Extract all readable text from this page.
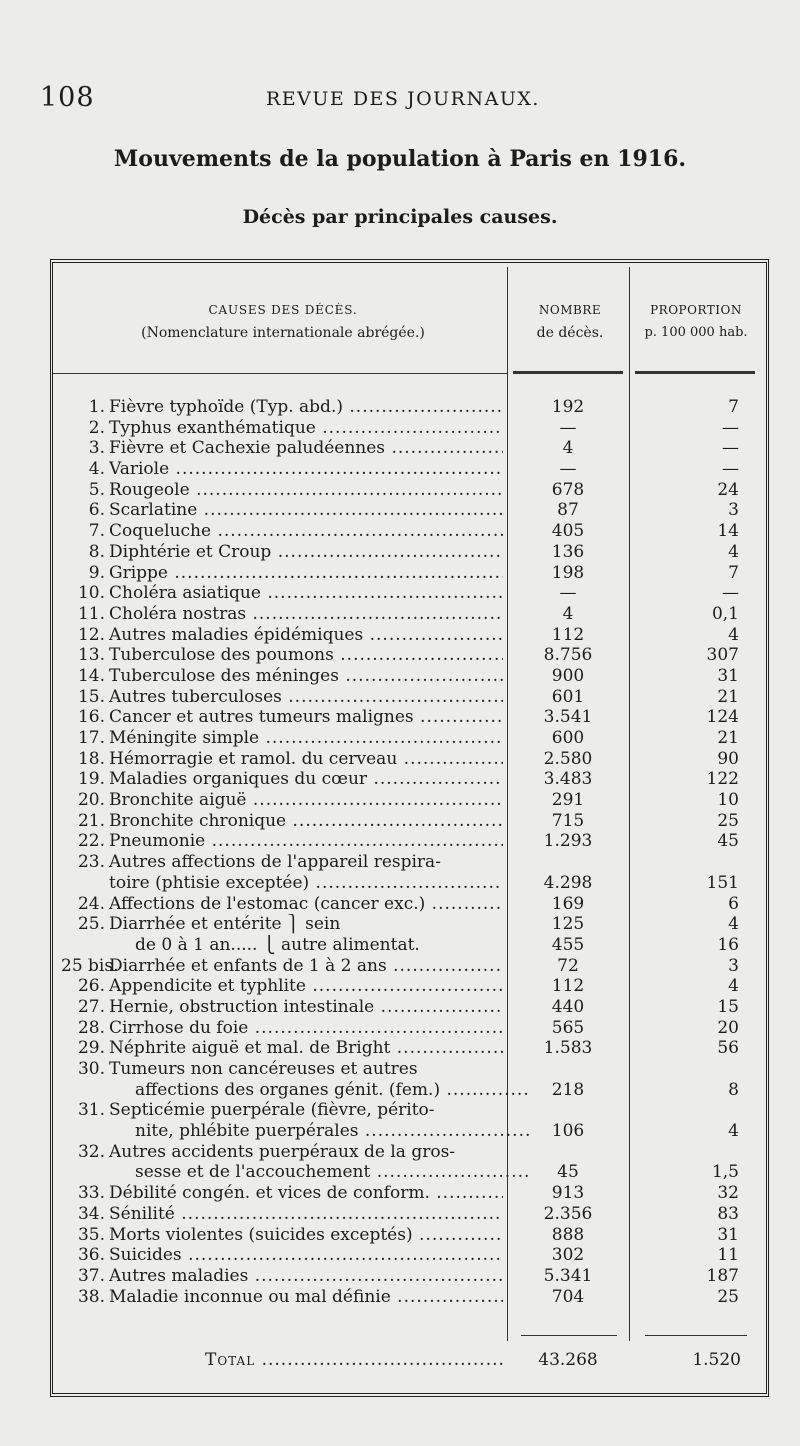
108	REVUE DES JOURNAUX.
Mouvements de la population à Paris en 1916.
Décès par principales causes.
CAUSES DES DÉCÈS.
(Nomenclature internationale abrégée.)
NOMBRE
de décès.
PROPORTION
p. 100 000 hab.
1. Fièvre typhoïde (Typ. abd.) .....	192	7
2. Typhus exanthématique .....	—	—
3. Fièvre et Cachexie paludéennes .....	4	—
4. Variole .....	—	—
5. Rougeole .....	678	24
6. Scarlatine .....	87	3
7. Coqueluche .....	405	14
8. Diphtérie et Croup .....	136	4
9. Grippe .....	198	7
10. Choléra asiatique .....	—	—
11. Choléra nostras .....	4	0,1
12. Autres maladies épidémiques .....	112	4
13. Tuberculose des poumons .....	8.756	307
14. Tuberculose des méninges .....	900	31
15. Autres tuberculoses .....	601	21
16. Cancer et autres tumeurs malignes .....	3.541	124
17. Méningite simple .....	600	21
18. Hémorragie et ramol. du cerveau .....	2.580	90
19. Maladies organiques du cœur .....	3.483	122
20. Bronchite aiguë .....	291	10
21. Bronchite chronique .....	715	25
22. Pneumonie .....	1.293	45
23. Autres affections de l'appareil respira-
toire (phtisie exceptée) .....	4.298	151
24. Affections de l'estomac (cancer exc.) .....	169	6
25. Diarrhée et entérite ⎫ sein	125	4
de 0 à 1 an..... ⎩ autre alimentat.	455	16
25 bis.
Diarrhée et enfants de 1 à 2 ans .....	72	3
26. Appendicite et typhlite .....	112	4
27. Hernie, obstruction intestinale .....	440	15
28. Cirrhose du foie .....	565	20
29. Néphrite aiguë et mal. de Bright .....	1.583	56
30. Tumeurs non cancéreuses et autres
affections des organes génit. (fem.) .....	218	8
31. Septicémie puerpérale (fièvre, périto-
nite, phlébite puerpérales .....	106	4
32. Autres accidents puerpéraux de la gros-
sesse et de l'accouchement .....	45	1,5
33. Débilité congén. et vices de conform. .....	913	32
34. Sénilité .....	2.356	83
35. Morts violentes (suicides exceptés) .....	888	31
36. Suicides .....	302	11
37. Autres maladies .....	5.341	187
38. Maladie inconnue ou mal définie .....	704	25
Total .....	43.268	1.520
